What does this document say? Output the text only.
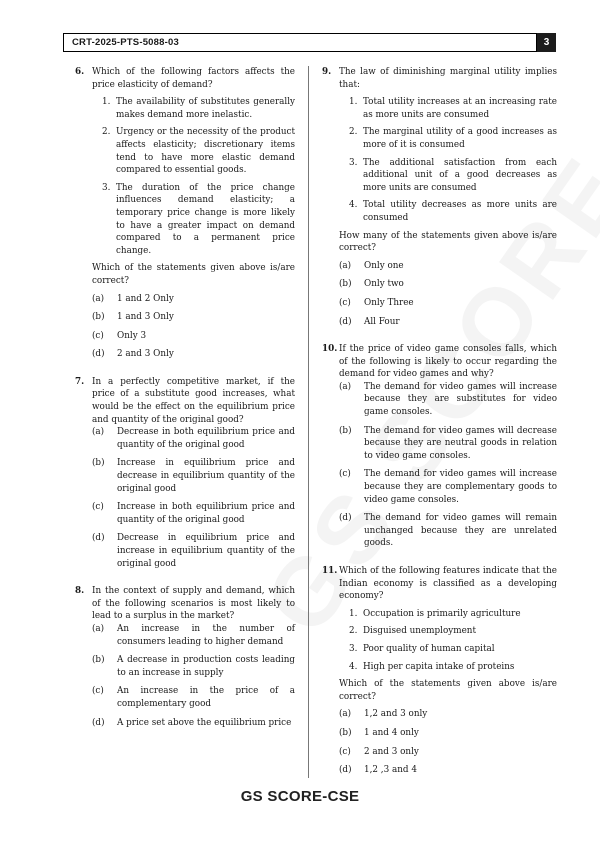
CRT-2025-PTS-5088-03	3
6. Which of the following factors affects the price elasticity of demand?
1. The availability of substitutes generally makes demand more inelastic.
2. Urgency or the necessity of the product affects elasticity; discretionary items tend to have more elastic demand compared to essential goods.
3. The duration of the price change influences demand elasticity; a temporary price change is more likely to have a greater impact on demand compared to a permanent price change.
Which of the statements given above is/are correct?
(a) 1 and 2 Only
(b) 1 and 3 Only
(c) Only 3
(d) 2 and 3 Only
7. In a perfectly competitive market, if the price of a substitute good increases, what would be the effect on the equilibrium price and quantity of the original good?
(a) Decrease in both equilibrium price and quantity of the original good
(b) Increase in equilibrium price and decrease in equilibrium quantity of the original good
(c) Increase in both equilibrium price and quantity of the original good
(d) Decrease in equilibrium price and increase in equilibrium quantity of the original good
8. In the context of supply and demand, which of the following scenarios is most likely to lead to a surplus in the market?
(a) An increase in the number of consumers leading to higher demand
(b) A decrease in production costs leading to an increase in supply
(c) An increase in the price of a complementary good
(d) A price set above the equilibrium price
9. The law of diminishing marginal utility implies that:
1. Total utility increases at an increasing rate as more units are consumed
2. The marginal utility of a good increases as more of it is consumed
3. The additional satisfaction from each additional unit of a good decreases as more units are consumed
4. Total utility decreases as more units are consumed
How many of the statements given above is/are correct?
(a) Only one
(b) Only two
(c) Only Three
(d) All Four
10. If the price of video game consoles falls, which of the following is likely to occur regarding the demand for video games and why?
(a) The demand for video games will increase because they are substitutes for video game consoles.
(b) The demand for video games will decrease because they are neutral goods in relation to video game consoles.
(c) The demand for video games will increase because they are complementary goods to video game consoles.
(d) The demand for video games will remain unchanged because they are unrelated goods.
11. Which of the following features indicate that the Indian economy is classified as a developing economy?
1. Occupation is primarily agriculture
2. Disguised unemployment
3. Poor quality of human capital
4. High per capita intake of proteins
Which of the statements given above is/are correct?
(a) 1,2 and 3 only
(b) 1 and 4 only
(c) 2 and 3 only
(d) 1,2 ,3 and 4
GS SCORE-CSE
